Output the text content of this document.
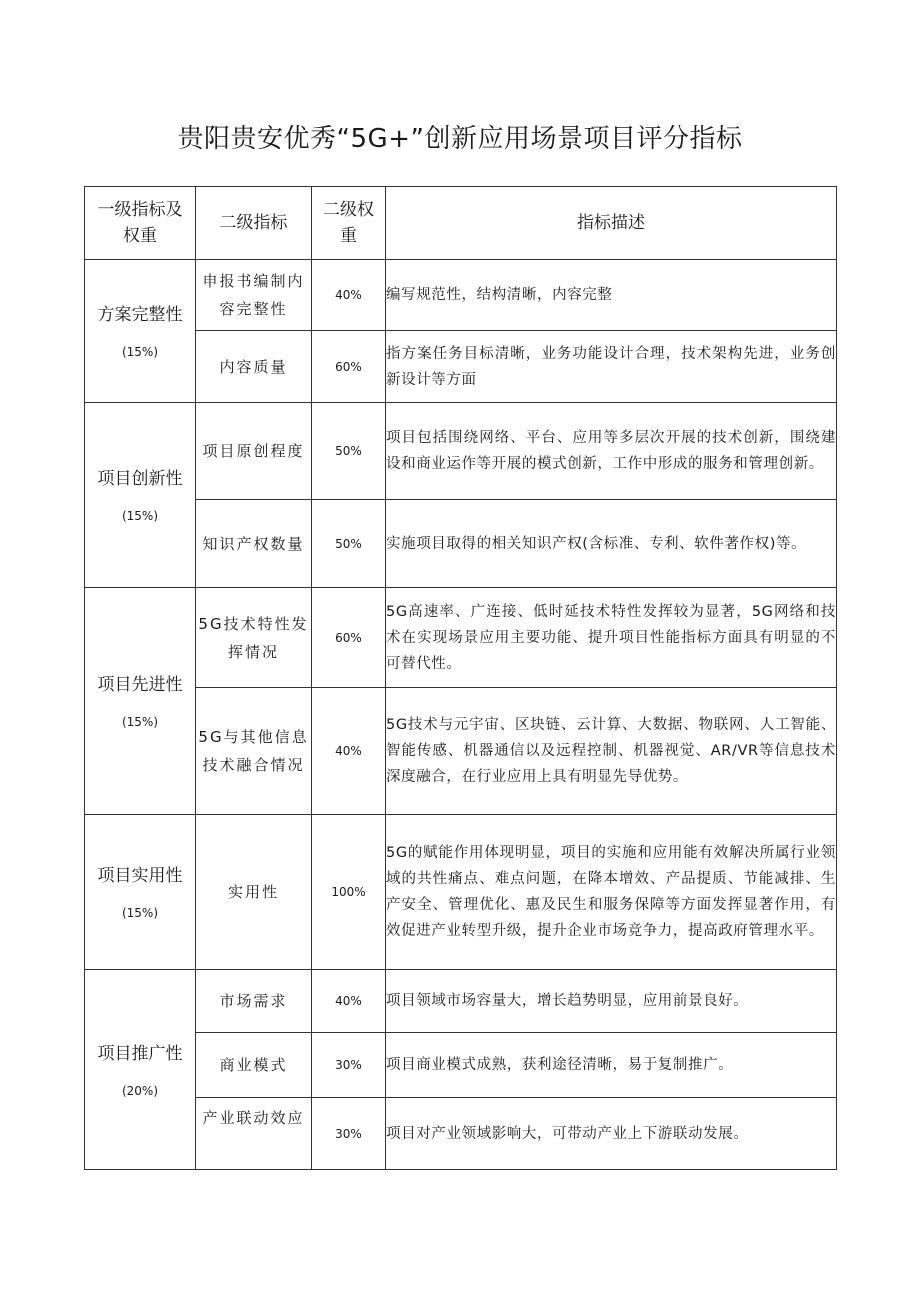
贵阳贵安优秀“5G+”创新应用场景项目评分指标
一级指标及权重	二级指标	二级权重	指标描述

方案完整性
(15%)	申报书编制内容完整性	40%	编写规范性，结构清晰，内容完整
	内容质量	60%	指方案任务目标清晰，业务功能设计合理，技术架构先进，业务创新设计等方面

项目创新性
(15%)	项目原创程度	50%	项目包括围绕网络、平台、应用等多层次开展的技术创新，围绕建设和商业运作等开展的模式创新，工作中形成的服务和管理创新。
	知识产权数量	50%	实施项目取得的相关知识产权(含标准、专利、软件著作权)等。

项目先进性
(15%)	5G技术特性发挥情况	60%	5G高速率、广连接、低时延技术特性发挥较为显著，5G网络和技术在实现场景应用主要功能、提升项目性能指标方面具有明显的不可替代性。
	5G与其他信息技术融合情况	40%	5G技术与元宇宙、区块链、云计算、大数据、物联网、人工智能、智能传感、机器通信以及远程控制、机器视觉、AR/VR等信息技术深度融合，在行业应用上具有明显先导优势。

项目实用性
(15%)	实用性	100%	5G的赋能作用体现明显，项目的实施和应用能有效解决所属行业领域的共性痛点、难点问题，在降本增效、产品提质、节能减排、生产安全、管理优化、惠及民生和服务保障等方面发挥显著作用，有效促进产业转型升级，提升企业市场竞争力，提高政府管理水平。

项目推广性
(20%)	市场需求	40%	项目领域市场容量大，增长趋势明显，应用前景良好。
	商业模式	30%	项目商业模式成熟，获利途径清晰，易于复制推广。
	产业联动效应	30%	项目对产业领域影响大，可带动产业上下游联动发展。
